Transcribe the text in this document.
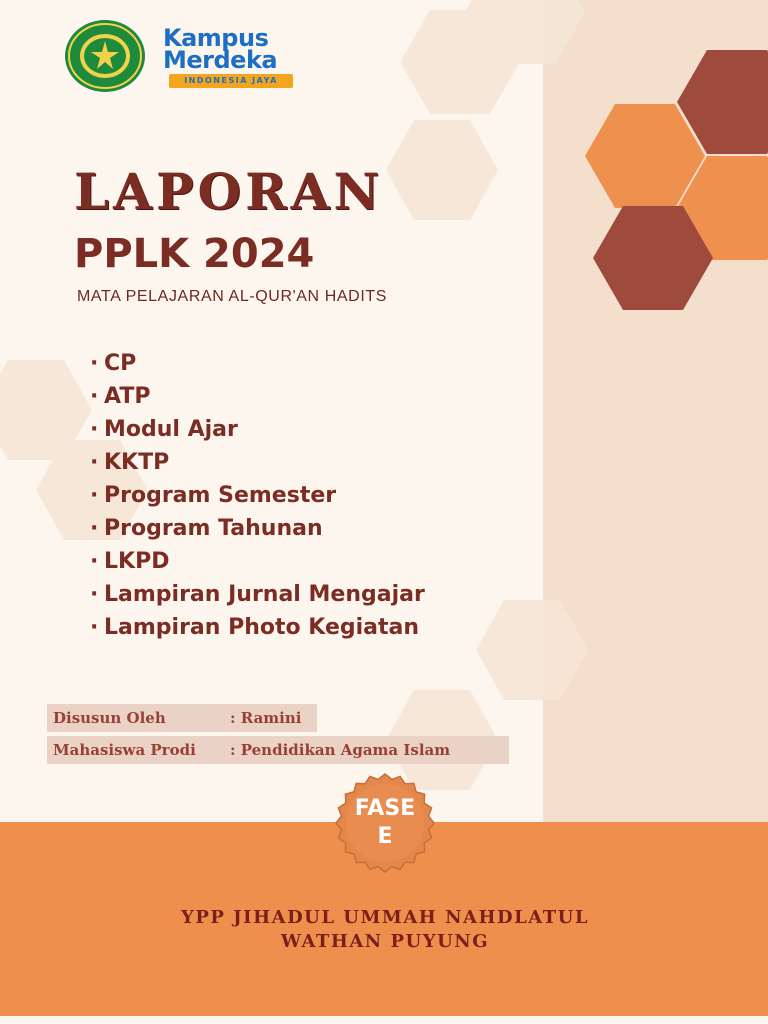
Kampus
Merdeka
INDONESIA JAYA
LAPORAN
PPLK 2024

MATA PELAJARAN AL-QUR'AN HADITS

· CP
· ATP
· Modul Ajar
· KKTP
· Program Semester
· Program Tahunan
· LKPD
· Lampiran Jurnal Mengajar
· Lampiran Photo Kegiatan
Disusun Oleh	: Ramini
Mahasiswa Prodi	: Pendidikan Agama Islam
FASE
E
YPP JIHADUL UMMAH NAHDLATUL
WATHAN PUYUNG
